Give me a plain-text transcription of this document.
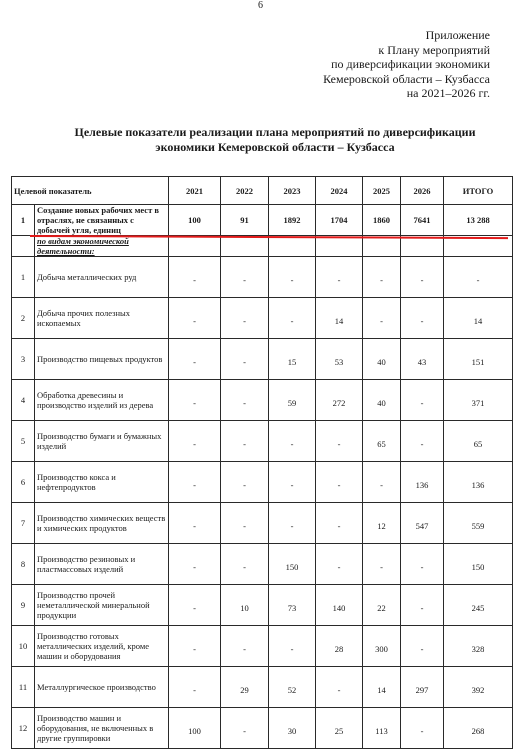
6
Приложение
к Плану мероприятий
по диверсификации экономики
Кемеровской области – Кузбасса
на 2021–2026 гг.
Целевые показатели реализации плана мероприятий по диверсификации
экономики Кемеровской области – Кузбасса
Целевой показатель		2021	2022	2023	2024	2025	2026	ИТОГО
1	Создание новых рабочих мест в отраслях, не связанных с добычей угля, единиц	100	91	1892	1704	1860	7641	13 288
	по видам экономической деятельности:							
1	Добыча металлических руд	-	-	-	-	-	-	-
2	Добыча прочих полезных ископаемых	-	-	-	14	-	-	14
3	Производство пищевых продуктов	-	-	15	53	40	43	151
4	Обработка древесины и производство изделий из дерева	-	-	59	272	40	-	371
5	Производство бумаги и бумажных изделий	-	-	-	-	65	-	65
6	Производство кокса и нефтепродуктов	-	-	-	-	-	136	136
7	Производство химических веществ и химических продуктов	-	-	-	-	12	547	559
8	Производство резиновых и пластмассовых изделий	-	-	150	-	-	-	150
9	Производство прочей неметаллической минеральной продукции	-	10	73	140	22	-	245
10	Производство готовых металлических изделий, кроме машин и оборудования	-	-	-	28	300	-	328
11	Металлургическое производство	-	29	52	-	14	297	392
12	Производство машин и оборудования, не включенных в другие группировки	100	-	30	25	113	-	268
